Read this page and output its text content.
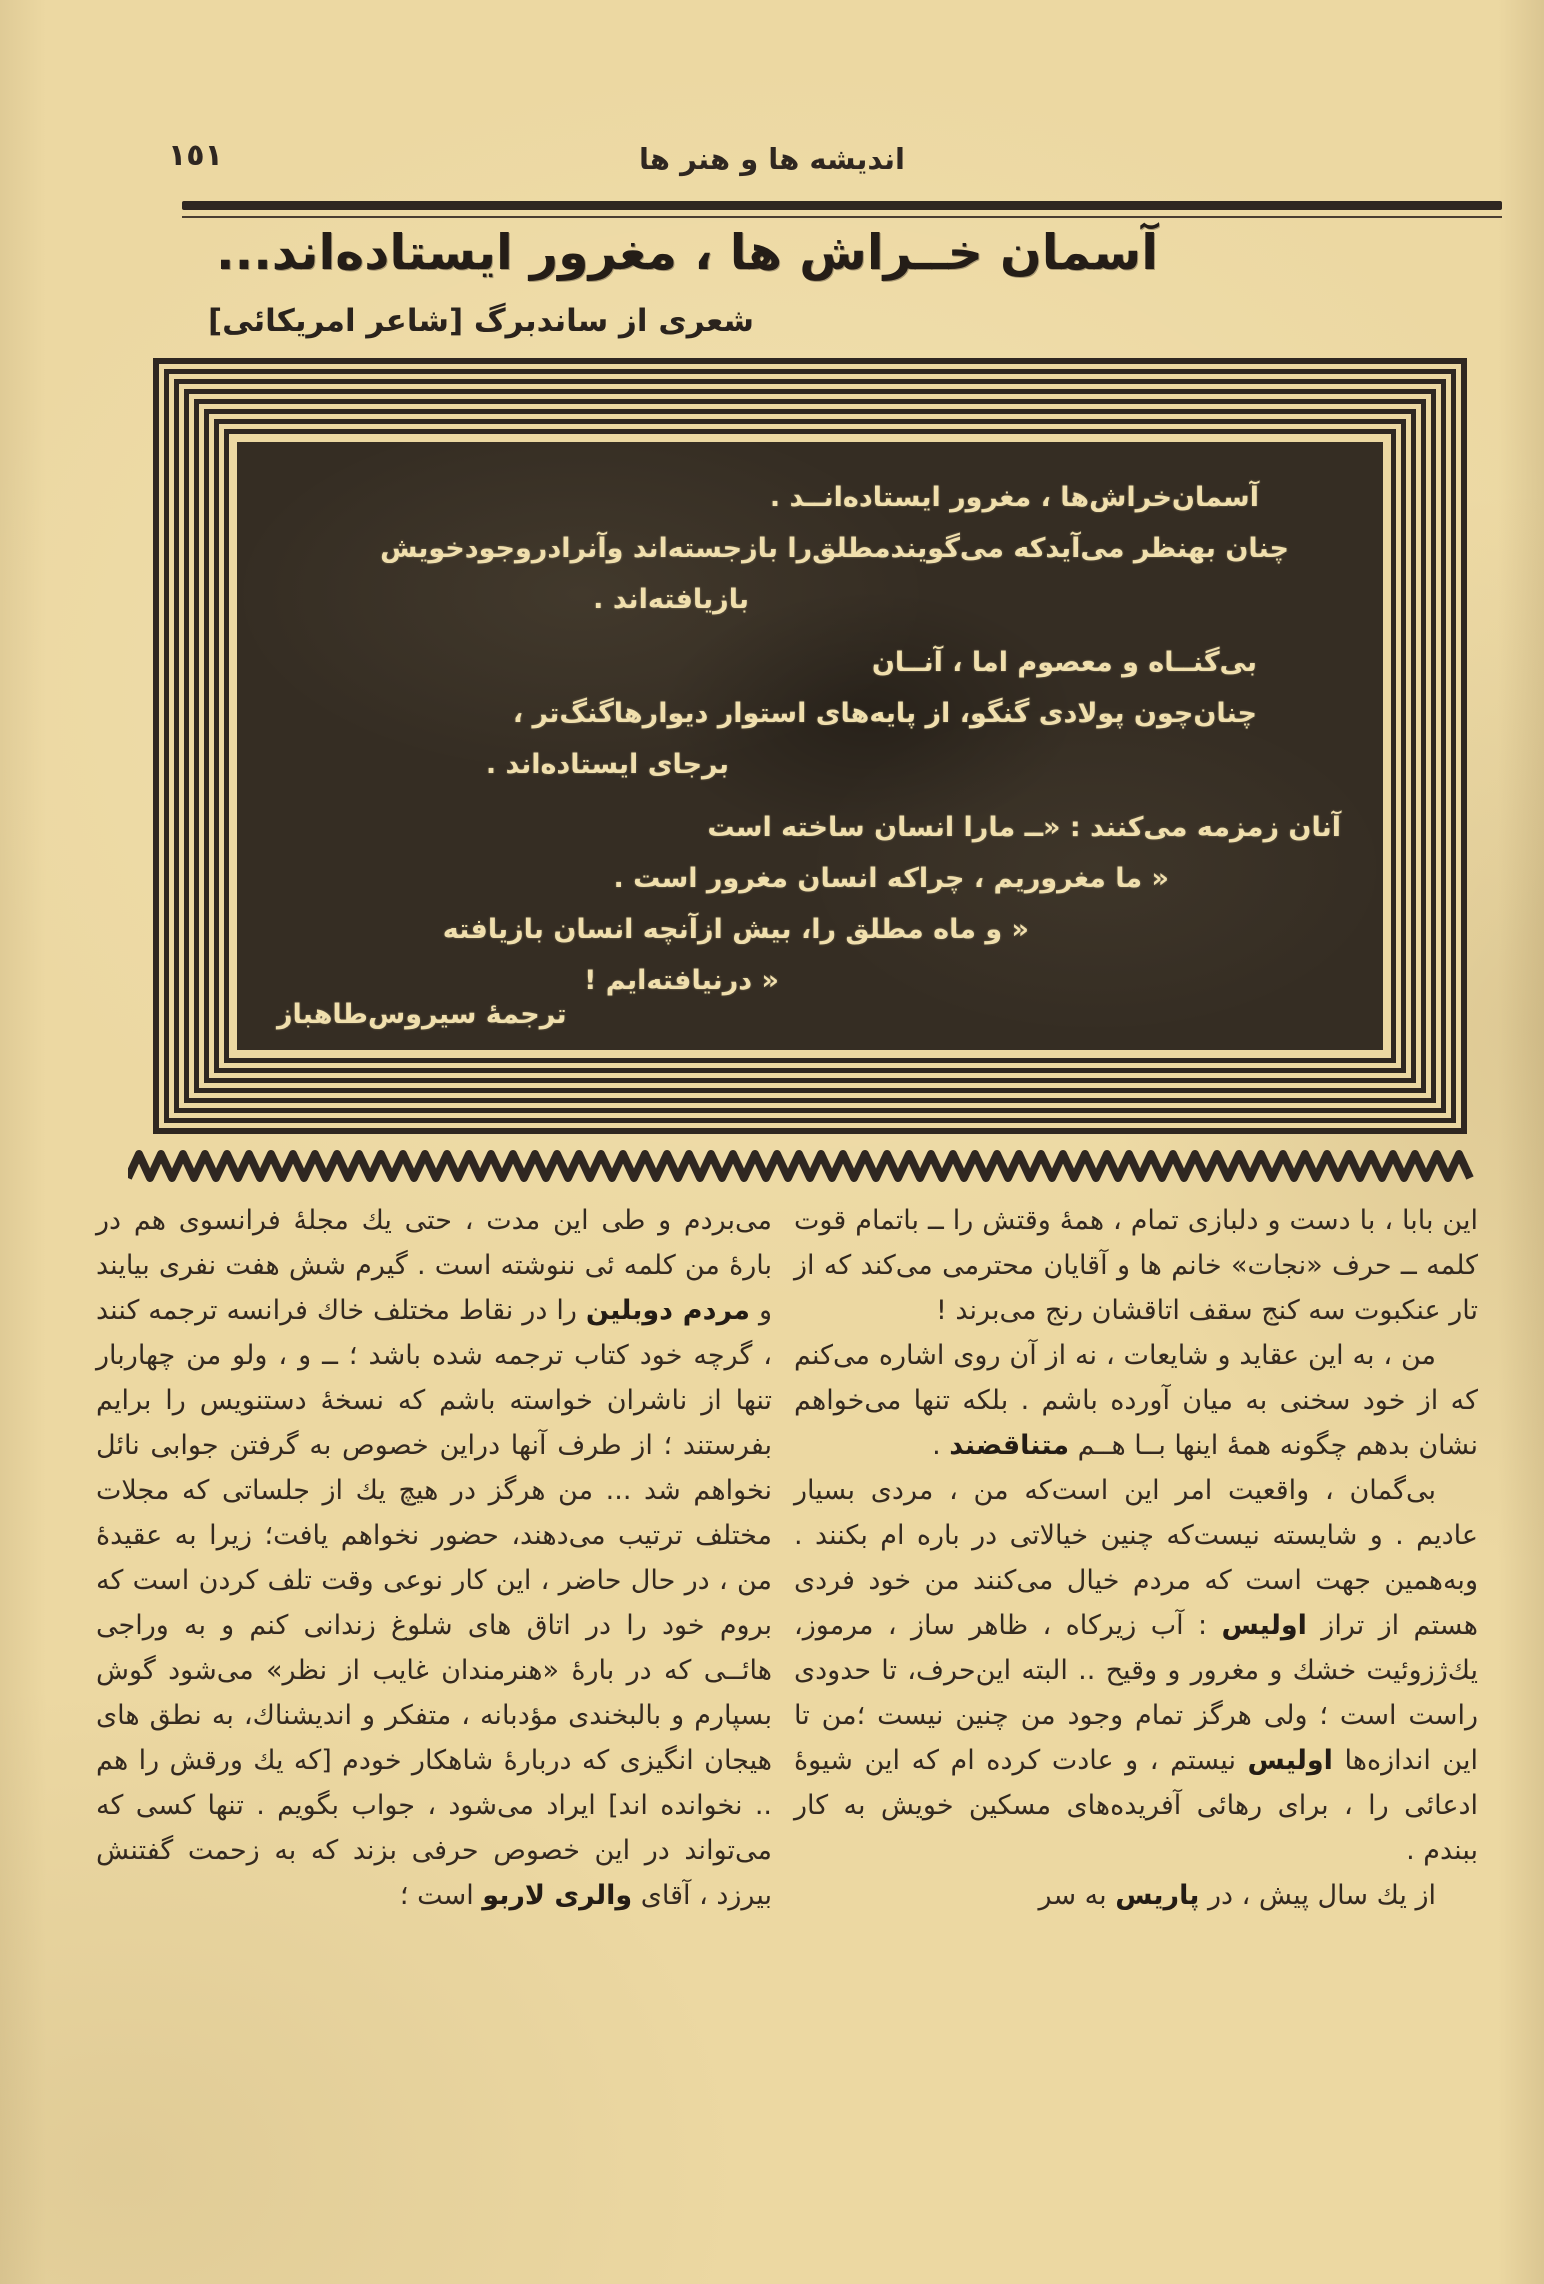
١٥١	اندیشه ها و هنر ها
آسمان خــراش ها ، مغرور ایستاده‌اند...
شعری از ساندبرگ [شاعر امریکائی]
آسمان‌خراش‌ها ، مغرور ایستاده‌انــد .
چنان بهنظر می‌آیدکه می‌گویندمطلق‌را بازجسته‌اند وآنرادروجودخویش
بازیافته‌اند .
بی‌گنــاه و معصوم اما ، آنــان
چنان‌چون پولادی گنگو، از پایه‌های استوار دیوارهاگنگ‌تر ،
برجای ایستاده‌اند .
آنان زمزمه می‌کنند : «ــ مارا انسان ساخته است
« ما مغروریم ، چراکه انسان مغرور است .
« و ماه مطلق را، بیش ازآنچه انسان بازیافته
« درنیافته‌ایم !
ترجمهٔ سیروس‌طاهباز

این بابا ، با دست و دلبازی تمام ، همهٔ وقتش را ــ باتمام قوت کلمه ــ حرف «نجات» خانم ها و آقایان محترمی می‌کند که از تار عنکبوت سه کنج سقف اتاقشان رنج می‌برند !

من ، به این عقاید و شایعات ، نه از آن روی اشاره می‌کنم که از خود سخنی به میان آورده باشم . بلکه تنها می‌خواهم نشان بدهم چگونه همهٔ اینها بــا هــم متناقضند .

بی‌گمان ، واقعیت امر این است‌که من ، مردی بسیار عادیم . و شایسته نیست‌که چنین خیالاتی در باره ام بکنند . وبه‌همین جهت است که مردم خیال می‌کنند من خود فردی هستم از تراز اولیس : آب زیرکاه ، ظاهر ساز ، مرموز، یك‌ژزوئیت خشك و مغرور و وقیح .. البته این‌حرف، تا حدودی راست است ؛ ولی هرگز تمام وجود من چنین نیست ؛من تا این اندازه‌ها اولیس نیستم ، و عادت کرده ام که این شیوهٔ ادعائی را ، برای رهائی آفریده‌های مسکین خویش به کار ببندم .

از یك سال پیش ، در پاریس به سر

می‌بردم و طی این مدت ، حتی یك مجلهٔ فرانسوی هم در بارهٔ من کلمه ئی ننوشته است . گیرم شش هفت نفری بیایند و مردم دوبلین را در نقاط مختلف خاك فرانسه ترجمه کنند ، گرچه خود کتاب ترجمه شده باشد ؛ ــ و ، ولو من چهاربار تنها از ناشران خواسته باشم که نسخهٔ دستنویس را برایم بفرستند ؛ از طرف آنها دراین خصوص به گرفتن جوابی نائل نخواهم شد ... من هرگز در هیچ یك از جلساتی که مجلات مختلف ترتیب می‌دهند، حضور نخواهم یافت؛ زیرا به عقیدهٔ من ، در حال حاضر ، این کار نوعی وقت تلف کردن است که بروم خود را در اتاق های شلوغ زندانی کنم و به وراجی هائــی که در بارهٔ «هنرمندان غایب از نظر» می‌شود گوش بسپارم و بالبخندی مؤدبانه ، متفکر و اندیشناك، به نطق های هیجان انگیزی که دربارهٔ شاهکار خودم [که یك ورقش را هم .. نخوانده اند] ایراد می‌شود ، جواب بگویم . تنها کسی که می‌تواند در این خصوص حرفی بزند که به زحمت گفتنش بیرزد ، آقای والری لاربو است ؛
